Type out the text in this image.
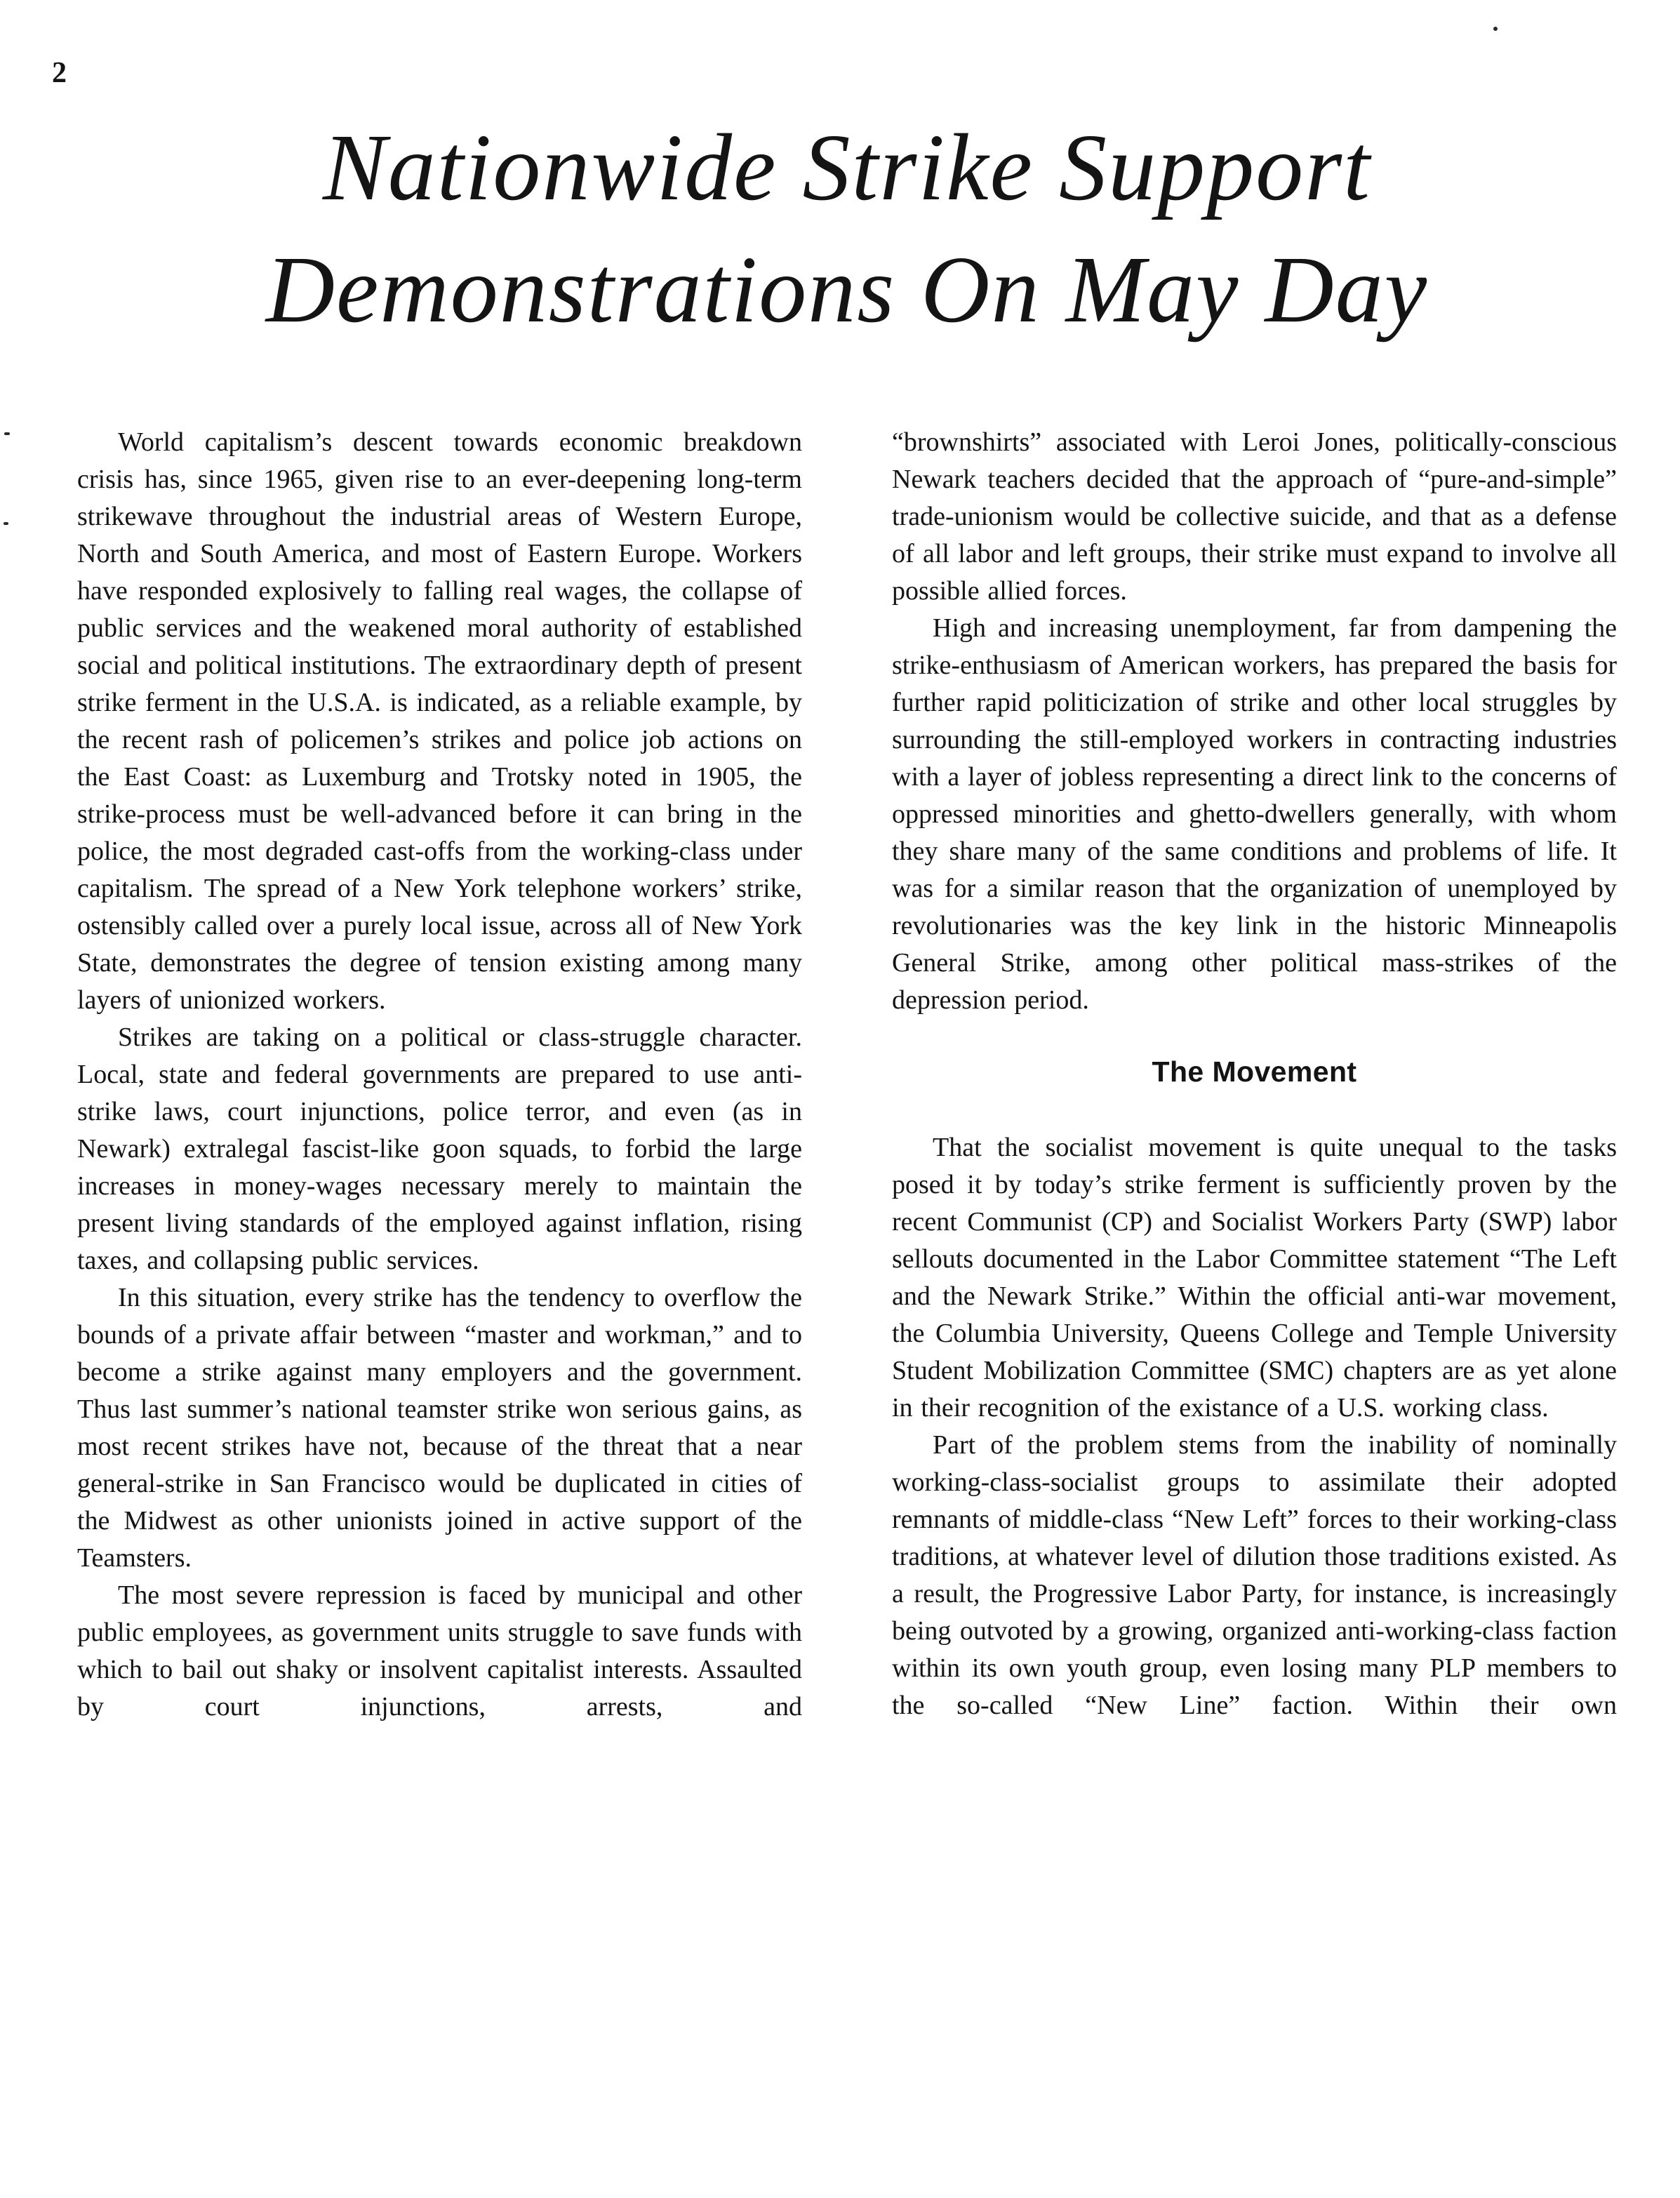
2
Nationwide Strike Support
Demonstrations On May Day

World capitalism’s descent towards economic breakdown crisis has, since 1965, given rise to an ever-deepening long-term strikewave throughout the industrial areas of Western Europe, North and South America, and most of Eastern Europe. Workers have responded explosively to falling real wages, the collapse of public services and the weakened moral authority of established social and political institutions. The extraordinary depth of present strike ferment in the U.S.A. is indicated, as a reliable example, by the recent rash of policemen’s strikes and police job actions on the East Coast: as Luxemburg and Trotsky noted in 1905, the strike-process must be well-advanced before it can bring in the police, the most degraded cast-offs from the working-class under capitalism. The spread of a New York telephone workers’ strike, ostensibly called over a purely local issue, across all of New York State, demonstrates the degree of tension existing among many layers of unionized workers.

Strikes are taking on a political or class-struggle character. Local, state and federal governments are prepared to use anti-strike laws, court injunctions, police terror, and even (as in Newark) extralegal fascist-like goon squads, to forbid the large increases in money-wages necessary merely to maintain the present living standards of the employed against inflation, rising taxes, and collapsing public services.

In this situation, every strike has the tendency to overflow the bounds of a private affair between “master and workman,” and to become a strike against many employers and the government. Thus last summer’s national teamster strike won serious gains, as most recent strikes have not, because of the threat that a near general-strike in San Francisco would be duplicated in cities of the Midwest as other unionists joined in active support of the Teamsters.

The most severe repression is faced by municipal and other public employees, as government units struggle to save funds with which to bail out shaky or insolvent capitalist interests. Assaulted by court injunctions, arrests, and

“brownshirts” associated with Leroi Jones, politically-conscious Newark teachers decided that the approach of “pure-and-simple” trade-unionism would be collective suicide, and that as a defense of all labor and left groups, their strike must expand to involve all possible allied forces.

High and increasing unemployment, far from dampening the strike-enthusiasm of American workers, has prepared the basis for further rapid politicization of strike and other local struggles by surrounding the still-employed workers in contracting industries with a layer of jobless representing a direct link to the concerns of oppressed minorities and ghetto-dwellers generally, with whom they share many of the same conditions and problems of life. It was for a similar reason that the organization of unemployed by revolutionaries was the key link in the historic Minneapolis General Strike, among other political mass-strikes of the depression period.

The Movement

That the socialist movement is quite unequal to the tasks posed it by today’s strike ferment is sufficiently proven by the recent Communist (CP) and Socialist Workers Party (SWP) labor sellouts documented in the Labor Committee statement “The Left and the Newark Strike.” Within the official anti-war movement, the Columbia University, Queens College and Temple University Student Mobilization Committee (SMC) chapters are as yet alone in their recognition of the existance of a U.S. working class.

Part of the problem stems from the inability of nominally working-class-socialist groups to assimilate their adopted remnants of middle-class “New Left” forces to their working-class traditions, at whatever level of dilution those traditions existed. As a result, the Progressive Labor Party, for instance, is increasingly being outvoted by a growing, organized anti-working-class faction within its own youth group, even losing many PLP members to the so-called “New Line” faction. Within their own
